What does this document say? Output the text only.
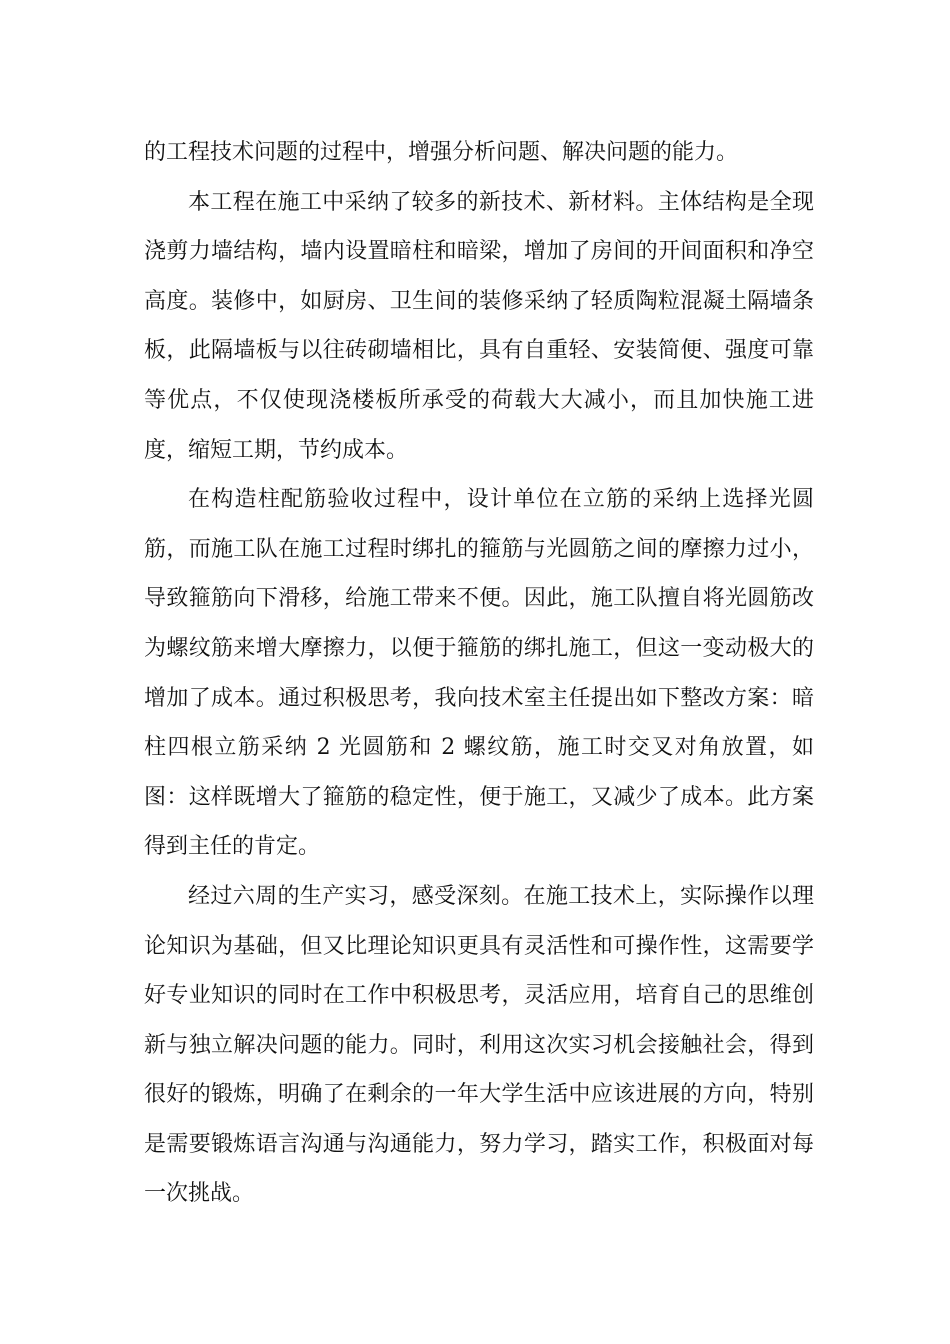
的工程技术问题的过程中，增强分析问题、解决问题的能力。

本工程在施工中采纳了较多的新技术、新材料。主体结构是全现浇剪力墙结构，墙内设置暗柱和暗梁，增加了房间的开间面积和净空高度。装修中，如厨房、卫生间的装修采纳了轻质陶粒混凝土隔墙条板，此隔墙板与以往砖砌墙相比，具有自重轻、安装简便、强度可靠等优点，不仅使现浇楼板所承受的荷载大大减小，而且加快施工进度，缩短工期，节约成本。

在构造柱配筋验收过程中，设计单位在立筋的采纳上选择光圆筋，而施工队在施工过程时绑扎的箍筋与光圆筋之间的摩擦力过小，导致箍筋向下滑移，给施工带来不便。因此，施工队擅自将光圆筋改为螺纹筋来增大摩擦力，以便于箍筋的绑扎施工，但这一变动极大的增加了成本。通过积极思考，我向技术室主任提出如下整改方案：暗柱四根立筋采纳 2 光圆筋和 2 螺纹筋，施工时交叉对角放置，如图：这样既增大了箍筋的稳定性，便于施工，又减少了成本。此方案得到主任的肯定。

经过六周的生产实习，感受深刻。在施工技术上，实际操作以理论知识为基础，但又比理论知识更具有灵活性和可操作性，这需要学好专业知识的同时在工作中积极思考，灵活应用，培育自己的思维创新与独立解决问题的能力。同时，利用这次实习机会接触社会，得到很好的锻炼，明确了在剩余的一年大学生活中应该进展的方向，特别是需要锻炼语言沟通与沟通能力，努力学习，踏实工作，积极面对每一次挑战。
